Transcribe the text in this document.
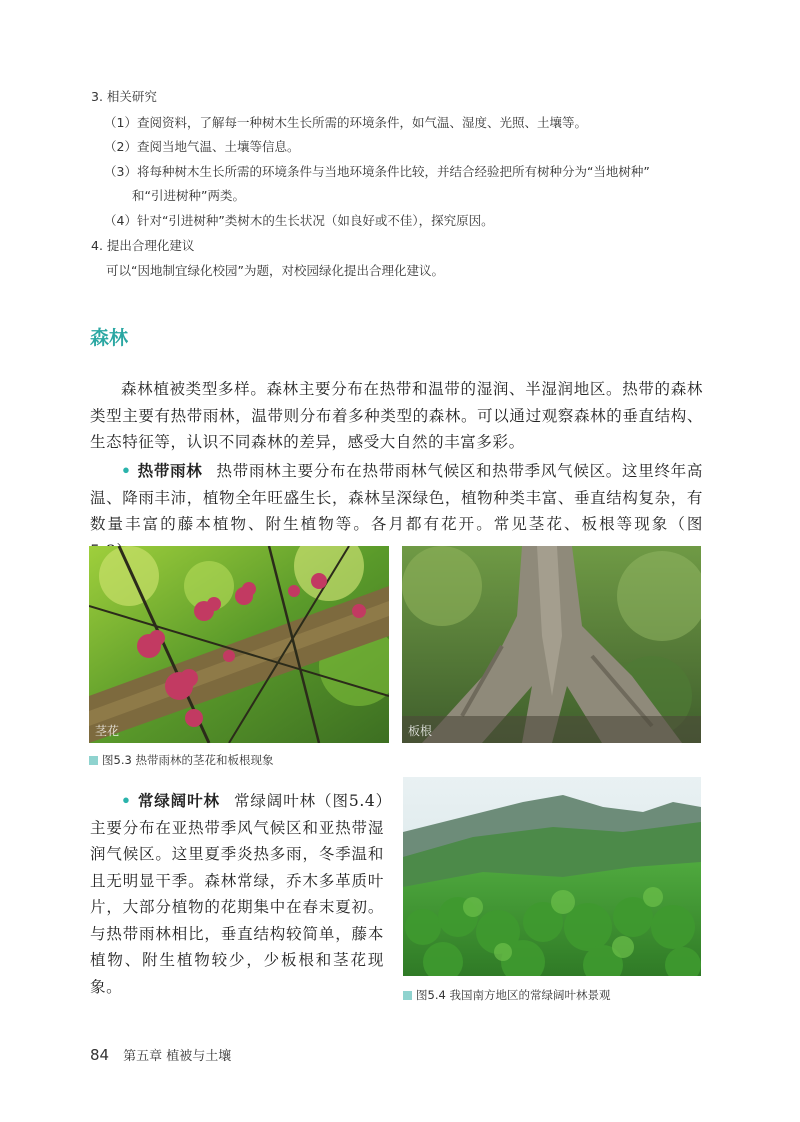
3. 相关研究
（1）查阅资料，了解每一种树木生长所需的环境条件，如气温、湿度、光照、土壤等。
（2）查阅当地气温、土壤等信息。
（3）将每种树木生长所需的环境条件与当地环境条件比较，并结合经验把所有树种分为“当地树种”
和“引进树种”两类。
（4）针对“引进树种”类树木的生长状况（如良好或不佳），探究原因。
4. 提出合理化建议
可以“因地制宜绿化校园”为题，对校园绿化提出合理化建议。
森林

森林植被类型多样。森林主要分布在热带和温带的湿润、半湿润地区。热带的森林类型主要有热带雨林，温带则分布着多种类型的森林。可以通过观察森林的垂直结构、生态特征等，认识不同森林的差异，感受大自然的丰富多彩。

• 热带雨林 热带雨林主要分布在热带雨林气候区和热带季风气候区。这里终年高温、降雨丰沛，植物全年旺盛生长，森林呈深绿色，植物种类丰富、垂直结构复杂，有数量丰富的藤本植物、附生植物等。各月都有花开。常见茎花、板根等现象（图

茎花	板根
图5.3 热带雨林的茎花和板根现象

• 常绿阔叶林 常绿阔叶林（图5.4）主要分布在亚热带季风气候区和亚热带湿润气候区。这里夏季炎热多雨，冬季温和且无明显干季。森林常绿，乔木多革质叶片，大部分植物的花期集中在春末夏初。与热带雨林相比，垂直结构较简单，藤本植物、附生植物较少，少板根和茎花现象。	图5.4 我国南方地区的常绿阔叶林景观
84 第五章 植被与土壤
